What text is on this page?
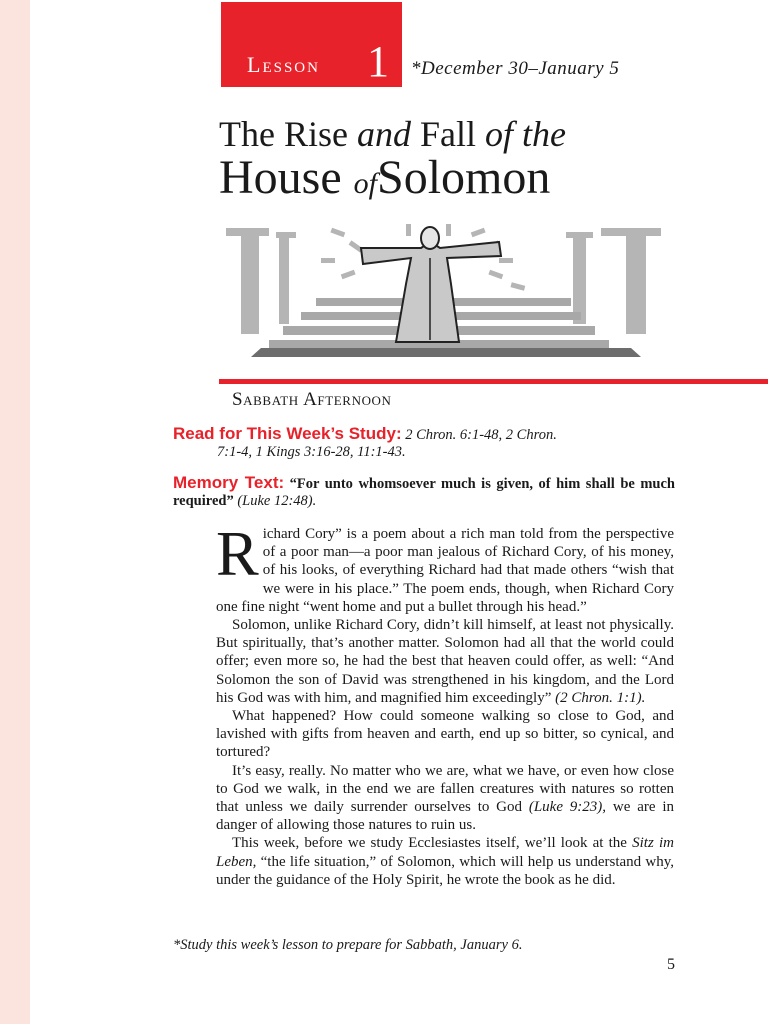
Lesson 1 *December 30–January 5
The Rise and Fall of the
House ofSolomon
Sabbath Afternoon
Read for This Week’s Study: 2 Chron. 6:1-48, 2 Chron.
7:1-4, 1 Kings 3:16-28, 11:1-43.
Memory Text: “For unto whomsoever much is given, of him shall be much required” (Luke 12:48).

Richard Cory” is a poem about a rich man told from the perspective of a poor man—a poor man jealous of Richard Cory, of his money, of his looks, of everything Richard had that made others “wish that we were in his place.” The poem ends, though, when Richard Cory one fine night “went home and put a bullet through his head.”

Solomon, unlike Richard Cory, didn’t kill himself, at least not physically. But spiritually, that’s another matter. Solomon had all that the world could offer; even more so, he had the best that heaven could offer, as well: “And Solomon the son of David was strengthened in his kingdom, and the Lord his God was with him, and magnified him exceedingly” (2 Chron. 1:1).

What happened? How could someone walking so close to God, and lavished with gifts from heaven and earth, end up so bitter, so cynical, and tortured?

It’s easy, really. No matter who we are, what we have, or even how close to God we walk, in the end we are fallen creatures with natures so rotten that unless we daily surrender ourselves to God (Luke 9:23), we are in danger of allowing those natures to ruin us.

This week, before we study Ecclesiastes itself, we’ll look at the Sitz im Leben, “the life situation,” of Solomon, which will help us understand why, under the guidance of the Holy Spirit, he wrote the book as he did.

*Study this week’s lesson to prepare for Sabbath, January 6.
5
